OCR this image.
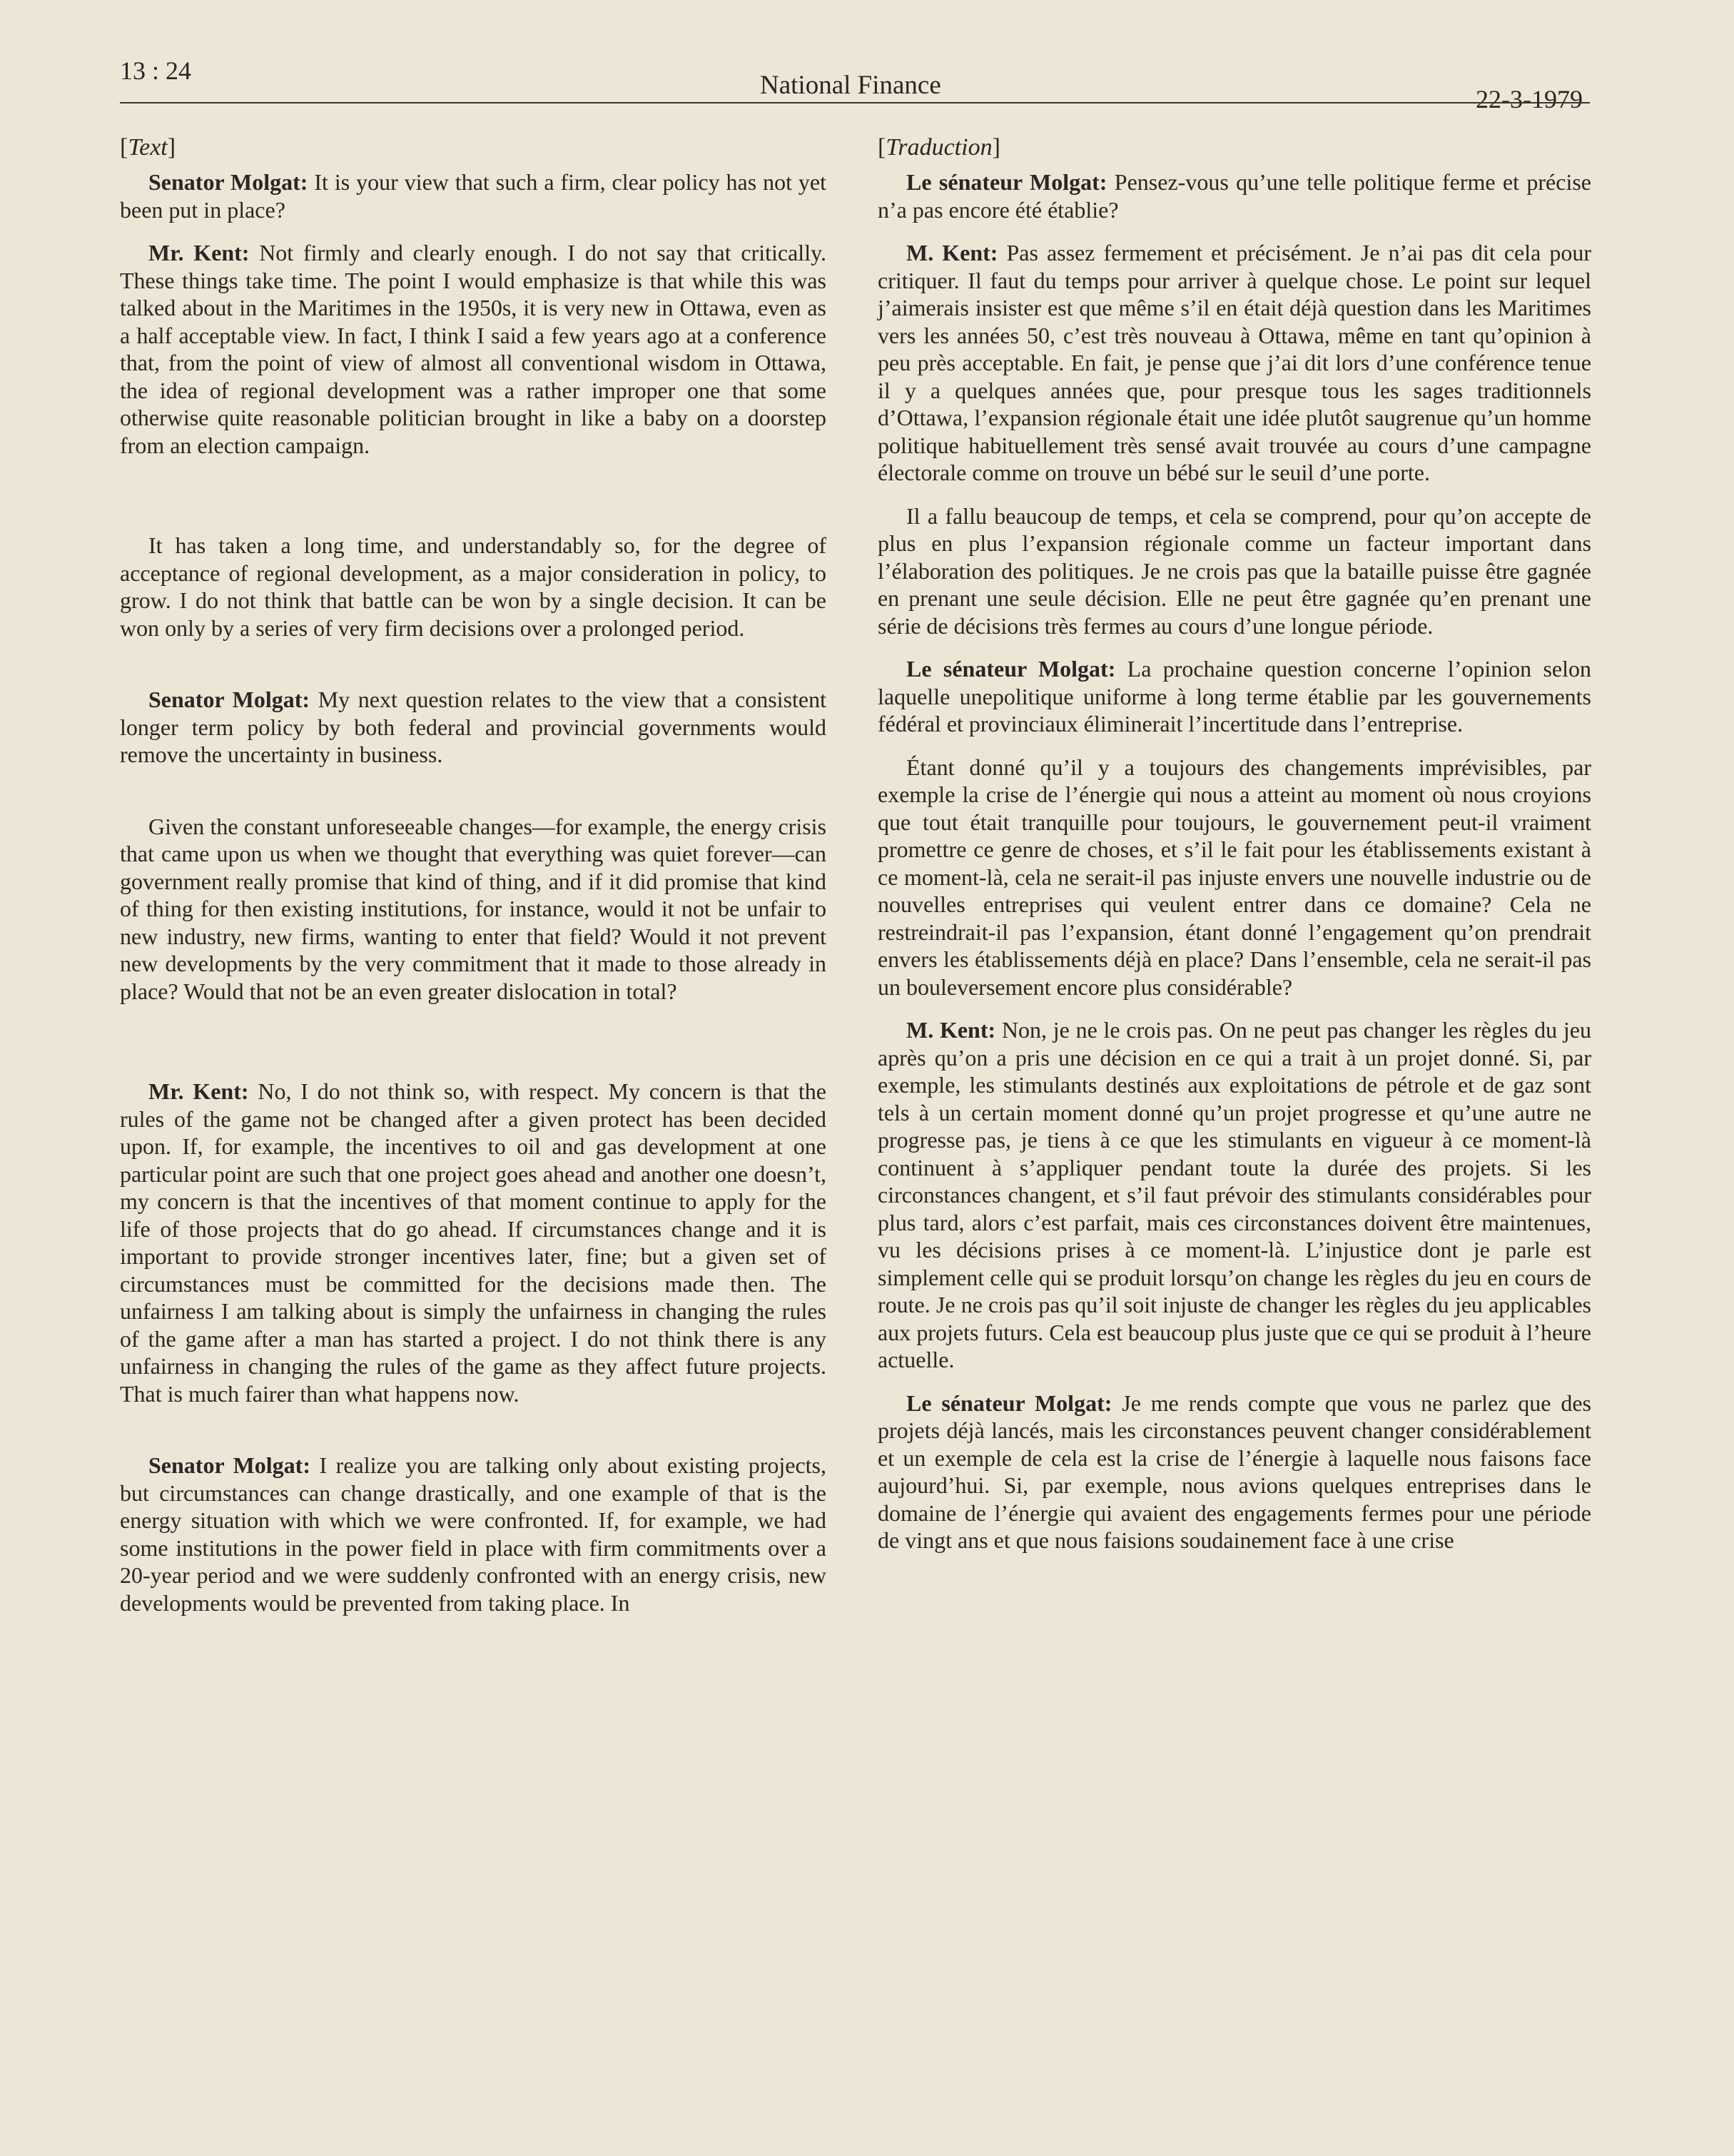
13 : 24	National Finance	22-3-1979

[Text]

Senator Molgat: It is your view that such a firm, clear policy has not yet been put in place?

Mr. Kent: Not firmly and clearly enough. I do not say that critically. These things take time. The point I would emphasize is that while this was talked about in the Maritimes in the 1950s, it is very new in Ottawa, even as a half acceptable view. In fact, I think I said a few years ago at a conference that, from the point of view of almost all conventional wisdom in Ottawa, the idea of regional development was a rather improper one that some otherwise quite reasonable politician brought in like a baby on a doorstep from an election campaign.

It has taken a long time, and understandably so, for the degree of acceptance of regional development, as a major consideration in policy, to grow. I do not think that battle can be won by a single decision. It can be won only by a series of very firm decisions over a prolonged period.

Senator Molgat: My next question relates to the view that a consistent longer term policy by both federal and provincial governments would remove the uncertainty in business.

Given the constant unforeseeable changes—for example, the energy crisis that came upon us when we thought that everything was quiet forever—can government really promise that kind of thing, and if it did promise that kind of thing for then existing institutions, for instance, would it not be unfair to new industry, new firms, wanting to enter that field? Would it not prevent new developments by the very commitment that it made to those already in place? Would that not be an even greater dislocation in total?

Mr. Kent: No, I do not think so, with respect. My concern is that the rules of the game not be changed after a given protect has been decided upon. If, for example, the incentives to oil and gas development at one particular point are such that one project goes ahead and another one doesn’t, my concern is that the incentives of that moment continue to apply for the life of those projects that do go ahead. If circumstances change and it is important to provide stronger incentives later, fine; but a given set of circumstances must be committed for the decisions made then. The unfairness I am talking about is simply the unfairness in changing the rules of the game after a man has started a project. I do not think there is any unfairness in changing the rules of the game as they affect future projects. That is much fairer than what happens now.

Senator Molgat: I realize you are talking only about existing projects, but circumstances can change drastically, and one example of that is the energy situation with which we were confronted. If, for example, we had some institutions in the power field in place with firm commitments over a 20-year period and we were suddenly confronted with an energy crisis, new developments would be prevented from taking place. In

[Traduction]

Le sénateur Molgat: Pensez-vous qu’une telle politique ferme et précise n’a pas encore été établie?

M. Kent: Pas assez fermement et précisément. Je n’ai pas dit cela pour critiquer. Il faut du temps pour arriver à quelque chose. Le point sur lequel j’aimerais insister est que même s’il en était déjà question dans les Maritimes vers les années 50, c’est très nouveau à Ottawa, même en tant qu’opinion à peu près acceptable. En fait, je pense que j’ai dit lors d’une conférence tenue il y a quelques années que, pour presque tous les sages traditionnels d’Ottawa, l’expansion régionale était une idée plutôt saugrenue qu’un homme politique habituellement très sensé avait trouvée au cours d’une campagne électorale comme on trouve un bébé sur le seuil d’une porte.

Il a fallu beaucoup de temps, et cela se comprend, pour qu’on accepte de plus en plus l’expansion régionale comme un facteur important dans l’élaboration des politiques. Je ne crois pas que la bataille puisse être gagnée en prenant une seule décision. Elle ne peut être gagnée qu’en prenant une série de décisions très fermes au cours d’une longue période.

Le sénateur Molgat: La prochaine question concerne l’opinion selon laquelle unepolitique uniforme à long terme établie par les gouvernements fédéral et provinciaux éliminerait l’incertitude dans l’entreprise.

Étant donné qu’il y a toujours des changements imprévisibles, par exemple la crise de l’énergie qui nous a atteint au moment où nous croyions que tout était tranquille pour toujours, le gouvernement peut-il vraiment promettre ce genre de choses, et s’il le fait pour les établissements existant à ce moment-là, cela ne serait-il pas injuste envers une nouvelle industrie ou de nouvelles entreprises qui veulent entrer dans ce domaine? Cela ne restreindrait-il pas l’expansion, étant donné l’engagement qu’on prendrait envers les établissements déjà en place? Dans l’ensemble, cela ne serait-il pas un bouleversement encore plus considérable?

M. Kent: Non, je ne le crois pas. On ne peut pas changer les règles du jeu après qu’on a pris une décision en ce qui a trait à un projet donné. Si, par exemple, les stimulants destinés aux exploitations de pétrole et de gaz sont tels à un certain moment donné qu’un projet progresse et qu’une autre ne progresse pas, je tiens à ce que les stimulants en vigueur à ce moment-là continuent à s’appliquer pendant toute la durée des projets. Si les circonstances changent, et s’il faut prévoir des stimulants considérables pour plus tard, alors c’est parfait, mais ces circonstances doivent être maintenues, vu les décisions prises à ce moment-là. L’injustice dont je parle est simplement celle qui se produit lorsqu’on change les règles du jeu en cours de route. Je ne crois pas qu’il soit injuste de changer les règles du jeu applicables aux projets futurs. Cela est beaucoup plus juste que ce qui se produit à l’heure actuelle.

Le sénateur Molgat: Je me rends compte que vous ne parlez que des projets déjà lancés, mais les circonstances peuvent changer considérablement et un exemple de cela est la crise de l’énergie à laquelle nous faisons face aujourd’hui. Si, par exemple, nous avions quelques entreprises dans le domaine de l’énergie qui avaient des engagements fermes pour une période de vingt ans et que nous faisions soudainement face à une crise
